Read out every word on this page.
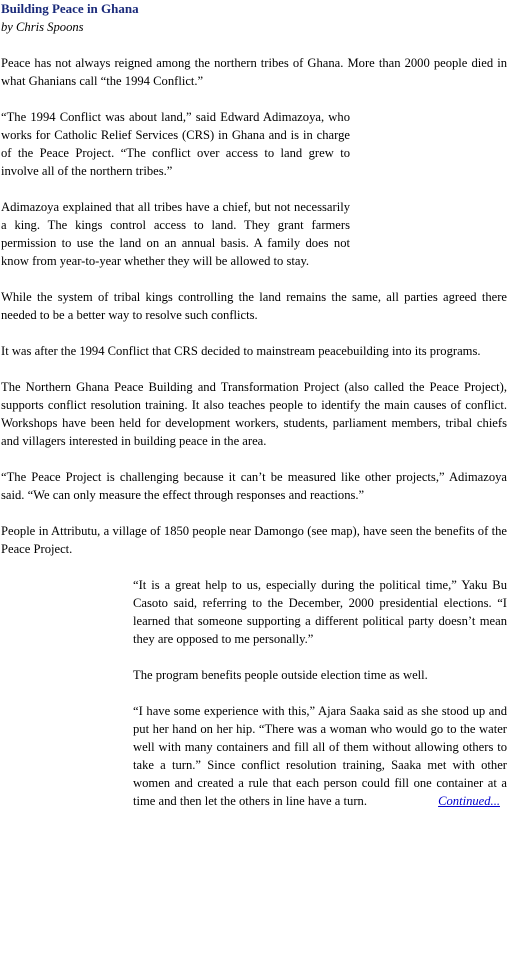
Building Peace in Ghana
by Chris Spoons

Peace has not always reigned among the northern tribes of Ghana. More than 2000 people died in what Ghanians call “the 1994 Conflict.”

“The 1994 Conflict was about land,” said Edward Adimazoya, who works for Catholic Relief Services (CRS) in Ghana and is in charge of the Peace Project. “The conflict over access to land grew to involve all of the northern tribes.”

Adimazoya explained that all tribes have a chief, but not necessarily a king. The kings control access to land. They grant farmers permission to use the land on an annual basis. A family does not know from year-to-year whether they will be allowed to stay.

While the system of tribal kings controlling the land remains the same, all parties agreed there needed to be a better way to resolve such conflicts.

It was after the 1994 Conflict that CRS decided to mainstream peacebuilding into its programs.

The Northern Ghana Peace Building and Transformation Project (also called the Peace Project), supports conflict resolution training. It also teaches people to identify the main causes of conflict. Workshops have been held for development workers, students, parliament members, tribal chiefs and villagers interested in building peace in the area.

“The Peace Project is challenging because it can’t be measured like other projects,” Adimazoya said. “We can only measure the effect through responses and reactions.”

People in Attributu, a village of 1850 people near Damongo (see map), have seen the benefits of the Peace Project.

“It is a great help to us, especially during the political time,” Yaku Bu Casoto said, referring to the December, 2000 presidential elections. “I learned that someone supporting a different political party doesn’t mean they are opposed to me personally.”

The program benefits people outside election time as well.

“I have some experience with this,” Ajara Saaka said as she stood up and put her hand on her hip. “There was a woman who would go to the water well with many containers and fill all of them without allowing others to take a turn.” Since conflict resolution training, Saaka met with other women and created a rule that each person could fill one container at a time and then let the others in line have a turn.	Continued...
